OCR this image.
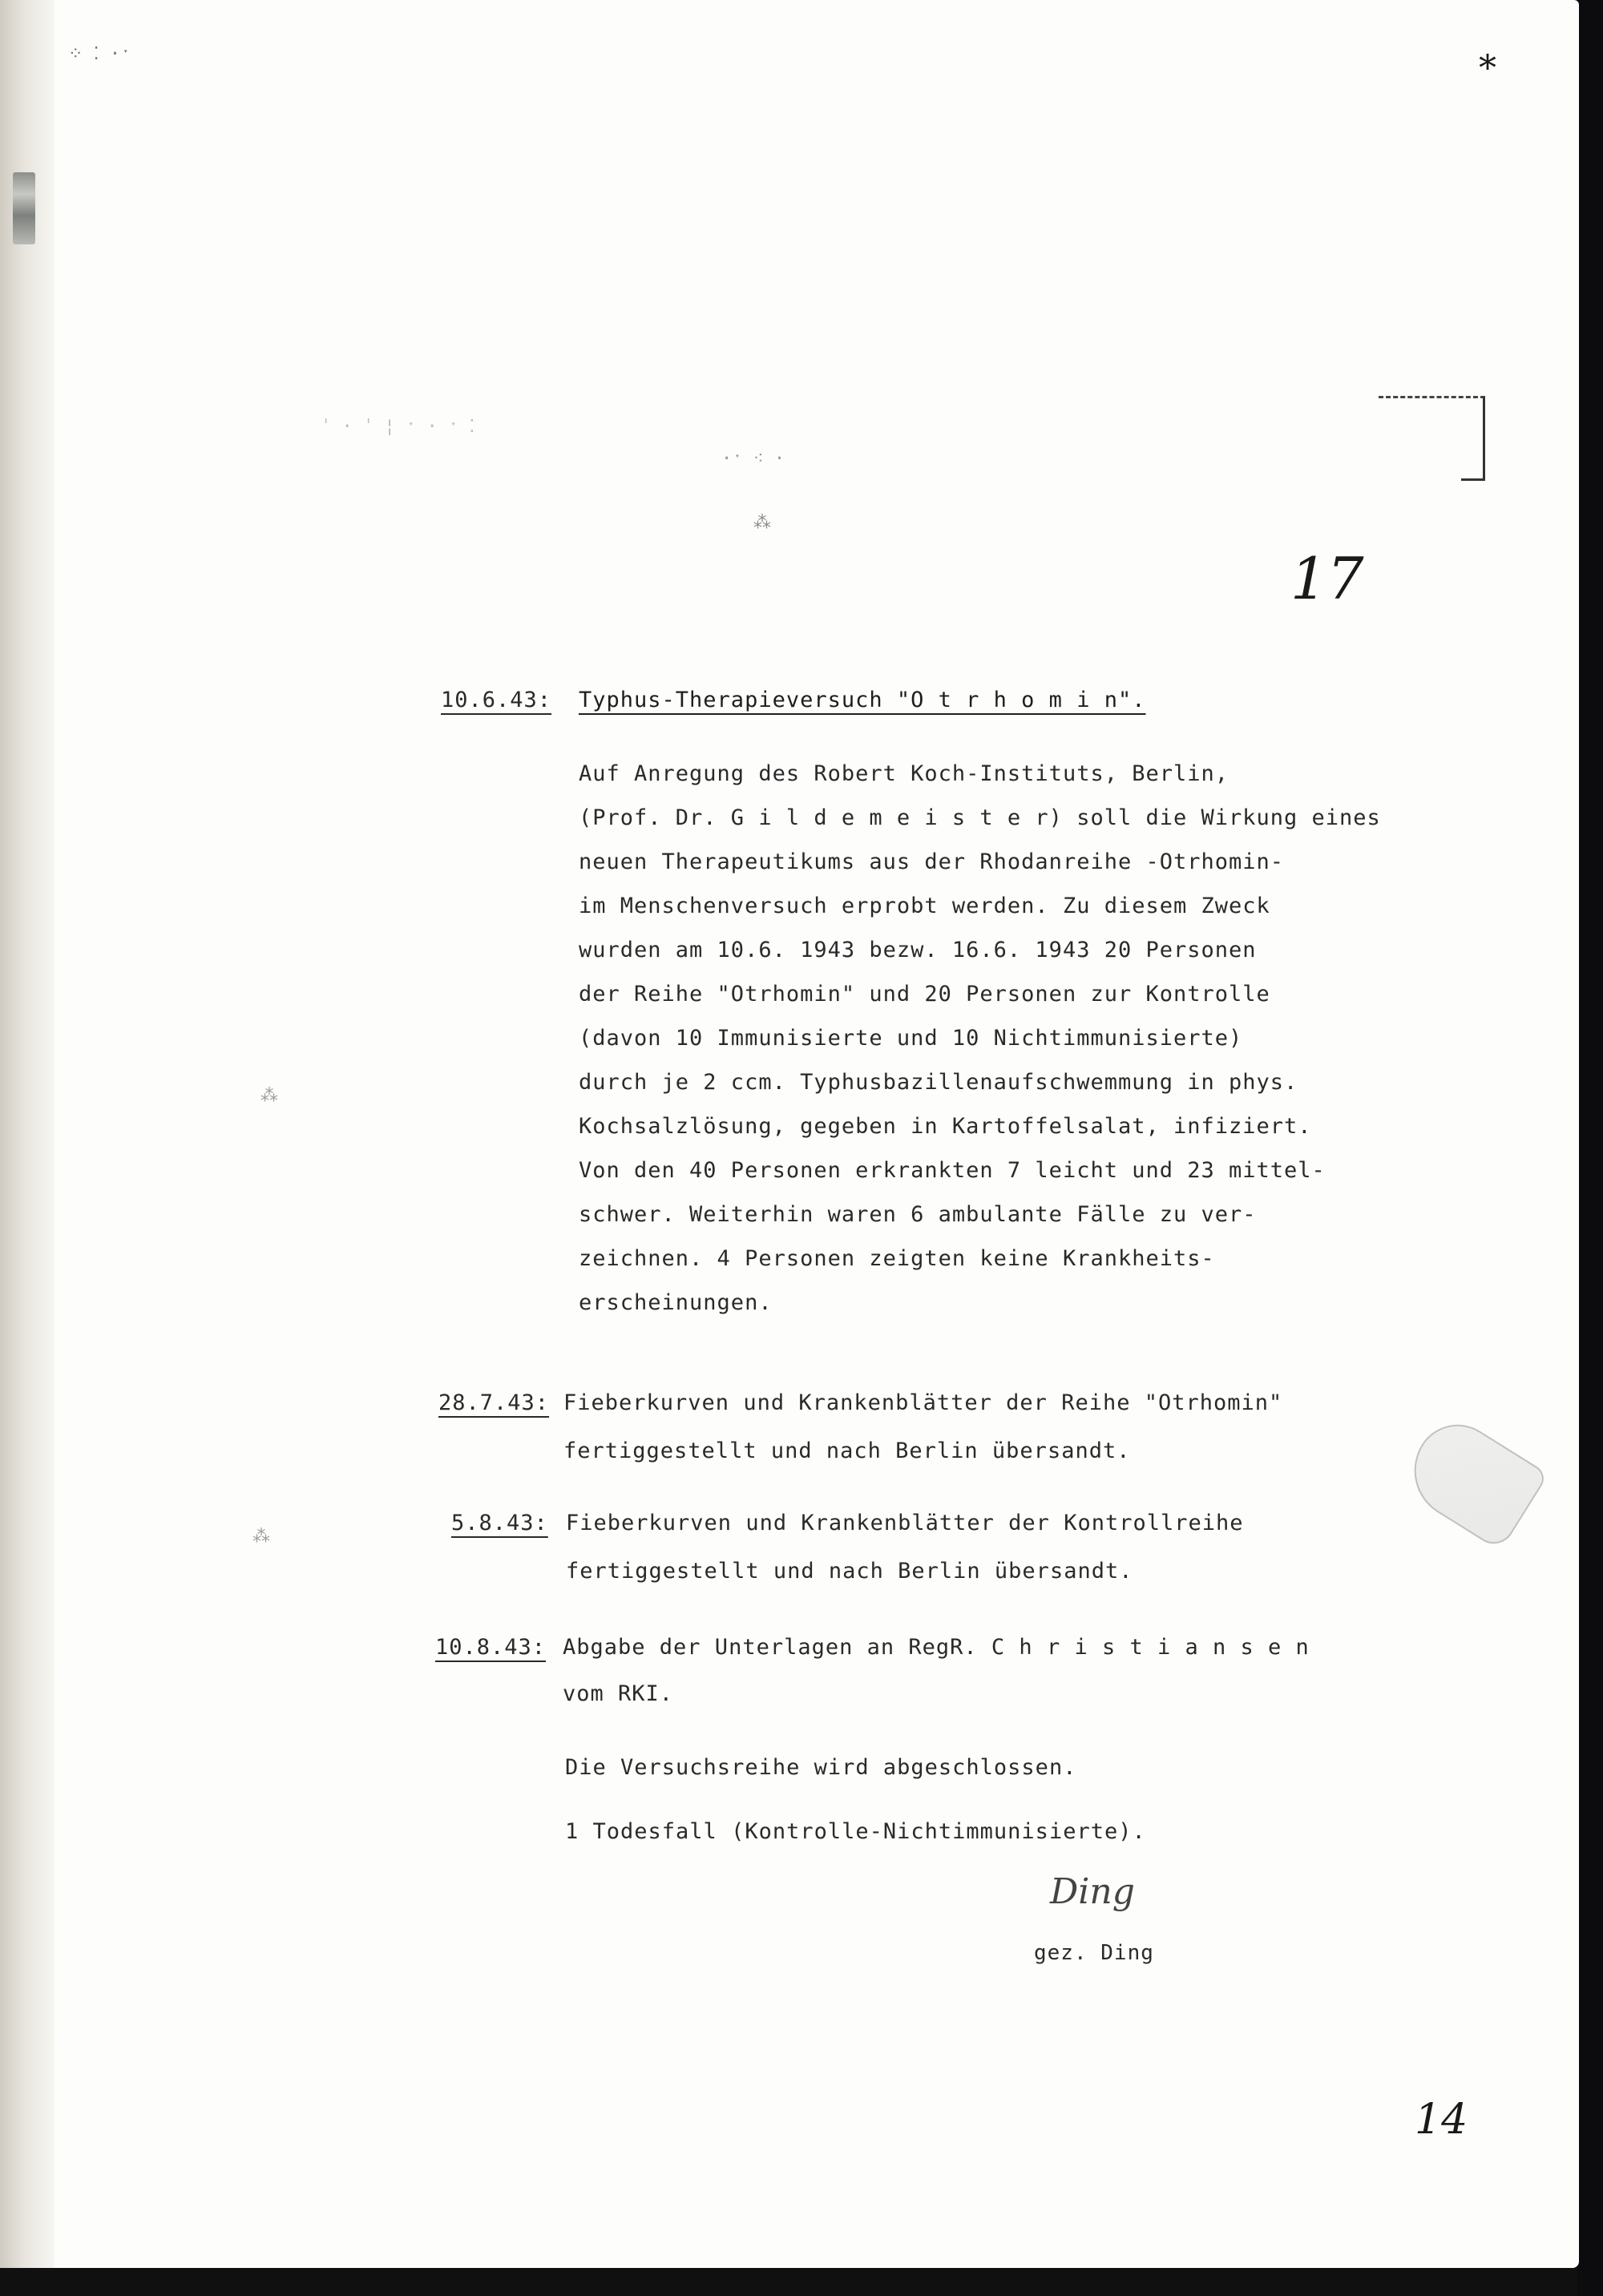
⁘ ⁚ ·ˑ
ˈ · ˈ ¦ ˑ · ˑ ⁚
·ˑ ⁖ ·
⁂
⁂
⁂
*
17
10.6.43: Typhus-Therapieversuch "O t r h o m i n".
Auf Anregung des Robert Koch-Instituts, Berlin,
(Prof. Dr. G i l d e m e i s t e r) soll die Wirkung eines
neuen Therapeutikums aus der Rhodanreihe -Otrhomin-
im Menschenversuch erprobt werden. Zu diesem Zweck
wurden am 10.6. 1943 bezw. 16.6. 1943 20 Personen
der Reihe "Otrhomin" und 20 Personen zur Kontrolle
(davon 10 Immunisierte und 10 Nichtimmunisierte)
durch je 2 ccm. Typhusbazillenaufschwemmung in phys.
Kochsalzlösung, gegeben in Kartoffelsalat, infiziert.
Von den 40 Personen erkrankten 7 leicht und 23 mittel-
schwer. Weiterhin waren 6 ambulante Fälle zu ver-
zeichnen. 4 Personen zeigten keine Krankheits-
erscheinungen.
28.7.43: Fieberkurven und Krankenblätter der Reihe "Otrhomin"
fertiggestellt und nach Berlin übersandt.
5.8.43: Fieberkurven und Krankenblätter der Kontrollreihe
fertiggestellt und nach Berlin übersandt.
10.8.43: Abgabe der Unterlagen an RegR. C h r i s t i a n s e n
vom RKI.
Die Versuchsreihe wird abgeschlossen.
1 Todesfall (Kontrolle-Nichtimmunisierte).
Ding
gez. Ding
14
